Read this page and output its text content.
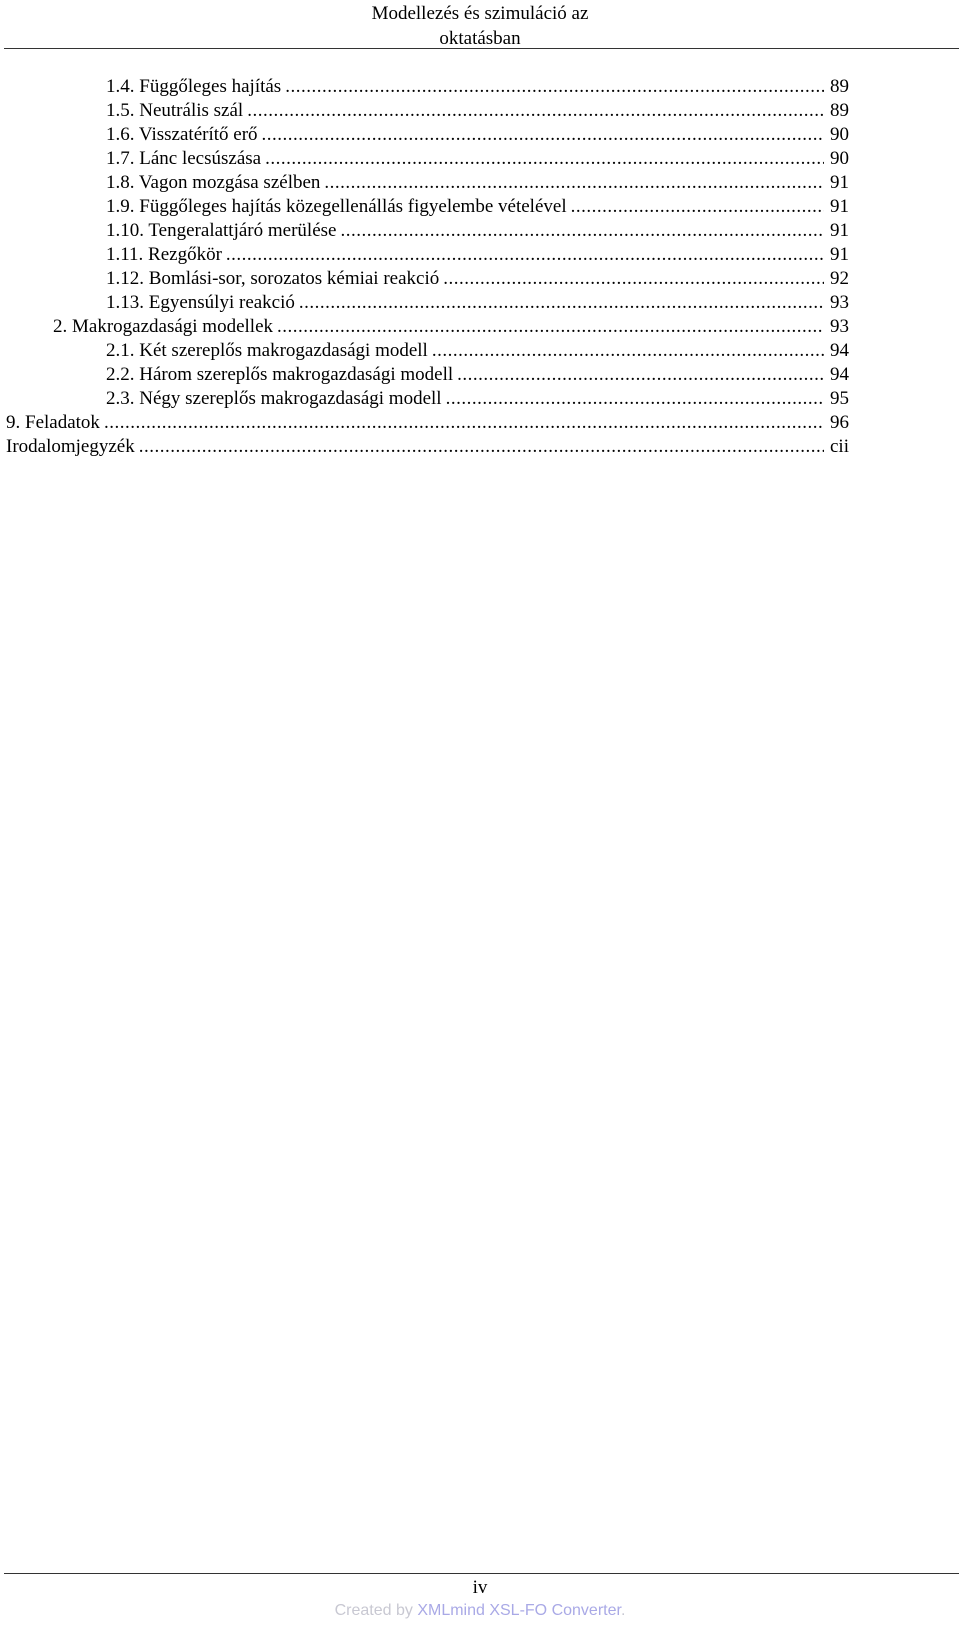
Modellezés és szimuláció az
oktatásban
1.4. Függőleges hajítás .....	89
1.5. Neutrális szál .....	89
1.6. Visszatérítő erő .....	90
1.7. Lánc lecsúszása .....	90
1.8. Vagon mozgása szélben .....	91
1.9. Függőleges hajítás közegellenállás figyelembe vételével .....	91
1.10. Tengeralattjáró merülése .....	91
1.11. Rezgőkör .....	91
1.12. Bomlási-sor, sorozatos kémiai reakció .....	92
1.13. Egyensúlyi reakció .....	93
2. Makrogazdasági modellek .....	93
2.1. Két szereplős makrogazdasági modell .....	94
2.2. Három szereplős makrogazdasági modell .....	94
2.3. Négy szereplős makrogazdasági modell .....	95
9. Feladatok .....	96
Irodalomjegyzék .....	cii
iv
Created by XMLmind XSL-FO Converter.
